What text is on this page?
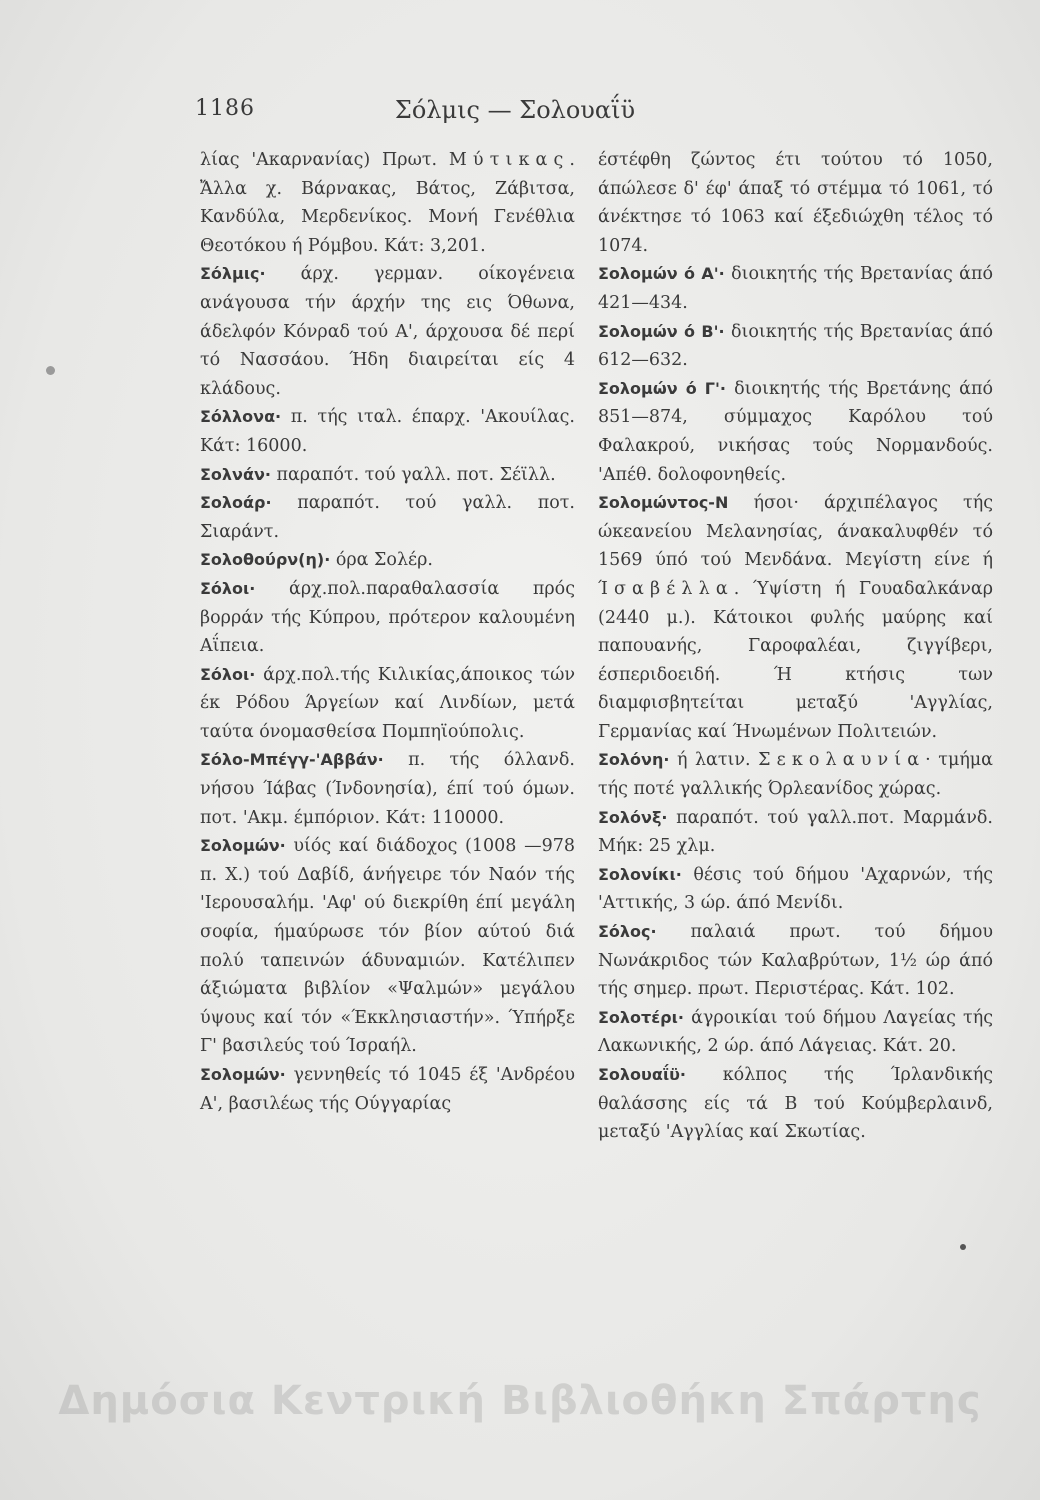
1186	Σόλμις — Σολουαΐϋ

λίας 'Ακαρνανίας) Πρωτ. Μύτικας. Ἄλλα χ. Βάρνακας, Βάτος, Ζάβιτσα, Κανδύλα, Μερδενίκος. Μονή Γενέθλια Θεοτόκου ή Ρόμβου. Κάτ: 3,201.

Σόλμις· άρχ. γερμαν. οίκογένεια ανάγουσα τήν άρχήν της εις Όθωνα, άδελφόν Κόνραδ τού Α', άρχουσα δέ περί τό Νασσάου. Ήδη διαιρείται είς 4 κλάδους.

Σόλλονα· π. τής ιταλ. έπαρχ. 'Ακουίλας. Κάτ: 16000.

Σολνάν· παραπότ. τού γαλλ. ποτ. Σέϊλλ.

Σολοάρ· παραπότ. τού γαλλ. ποτ. Σιαράντ.

Σολοθούρν(η)· όρα Σολέρ.

Σόλοι· άρχ.πολ.παραθαλασσία πρός βορράν τής Κύπρου, πρότερον καλουμένη Αΐπεια.

Σόλοι· άρχ.πολ.τής Κιλικίας,άποικος τών έκ Ρόδου Άργείων καί Λινδίων, μετά ταύτα όνομασθείσα Πομπηϊούπολις.

Σόλο-Μπέγγ-'Αββάν· π. τής όλλανδ. νήσου Ίάβας (Ίνδονησία), έπί τού όμων. ποτ. 'Ακμ. έμπόριον. Κάτ: 110000.

Σολομών· υίός καί διάδοχος (1008 —978 π. Χ.) τού Δαβίδ, άνήγειρε τόν Ναόν τής 'Ιερουσαλήμ. 'Αφ' ού διεκρίθη έπί μεγάλη σοφία, ήμαύρωσε τόν βίον αύτού διά πολύ ταπεινών άδυναμιών. Κατέλιπεν άξιώματα βιβλίον «Ψαλμών» μεγάλου ύψους καί τόν «Έκκλησιαστήν». Ύπήρξε Γ' βασιλεύς τού Ίσραήλ.

Σολομών· γεννηθείς τό 1045 έξ 'Ανδρέου Α', βασιλέως τής Ούγγαρίας

έστέφθη ζώντος έτι τούτου τό 1050, άπώλεσε δ' έφ' άπαξ τό στέμμα τό 1061, τό άνέκτησε τό 1063 καί έξεδιώχθη τέλος τό 1074.

Σολομών ό Α'· διοικητής τής Βρετανίας άπό 421—434.

Σολομών ό Β'· διοικητής τής Βρετανίας άπό 612—632.

Σολομών ό Γ'· διοικητής τής Βρετάνης άπό 851—874, σύμμαχος Καρόλου τού Φαλακρού, νικήσας τούς Νορμανδούς. 'Απέθ. δολοφονηθείς.

Σολομώντος-Ν ήσοι· άρχιπέλαγος τής ώκεανείου Μελανησίας, άνακαλυφθέν τό 1569 ύπό τού Μενδάνα. Μεγίστη είνε ή Ίσαβέλλα. Ύψίστη ή Γουαδαλκάναρ (2440 μ.). Κάτοικοι φυλής μαύρης καί παπουανής, Γαροφαλέαι, ζιγγίβερι, έσπεριδοειδή. Ή κτήσις των διαμφισβητείται μεταξύ 'Αγγλίας, Γερμανίας καί Ήνωμένων Πολιτειών.

Σολόνη· ή λατιν. Σεκολαυνία· τμήμα τής ποτέ γαλλικής Όρλεανίδος χώρας.

Σολόνξ· παραπότ. τού γαλλ.ποτ. Μαρμάνδ. Μήκ: 25 χλμ.

Σολονίκι· θέσις τού δήμου 'Αχαρνών, τής 'Αττικής, 3 ώρ. άπό Μενίδι.

Σόλος· παλαιά πρωτ. τού δήμου Νωνάκριδος τών Καλαβρύτων, 1½ ώρ άπό τής σημερ. πρωτ. Περιστέρας. Κάτ. 102.

Σολοτέρι· άγροικίαι τού δήμου Λαγείας τής Λακωνικής, 2 ώρ. άπό Λάγειας. Κάτ. 20.

Σολουαΐϋ· κόλπος τής Ίρλανδικής θαλάσσης είς τά Β τού Κούμβερλαινδ, μεταξύ 'Αγγλίας καί Σκωτίας.

Δημόσια Κεντρική Βιβλιοθήκη Σπάρτης
